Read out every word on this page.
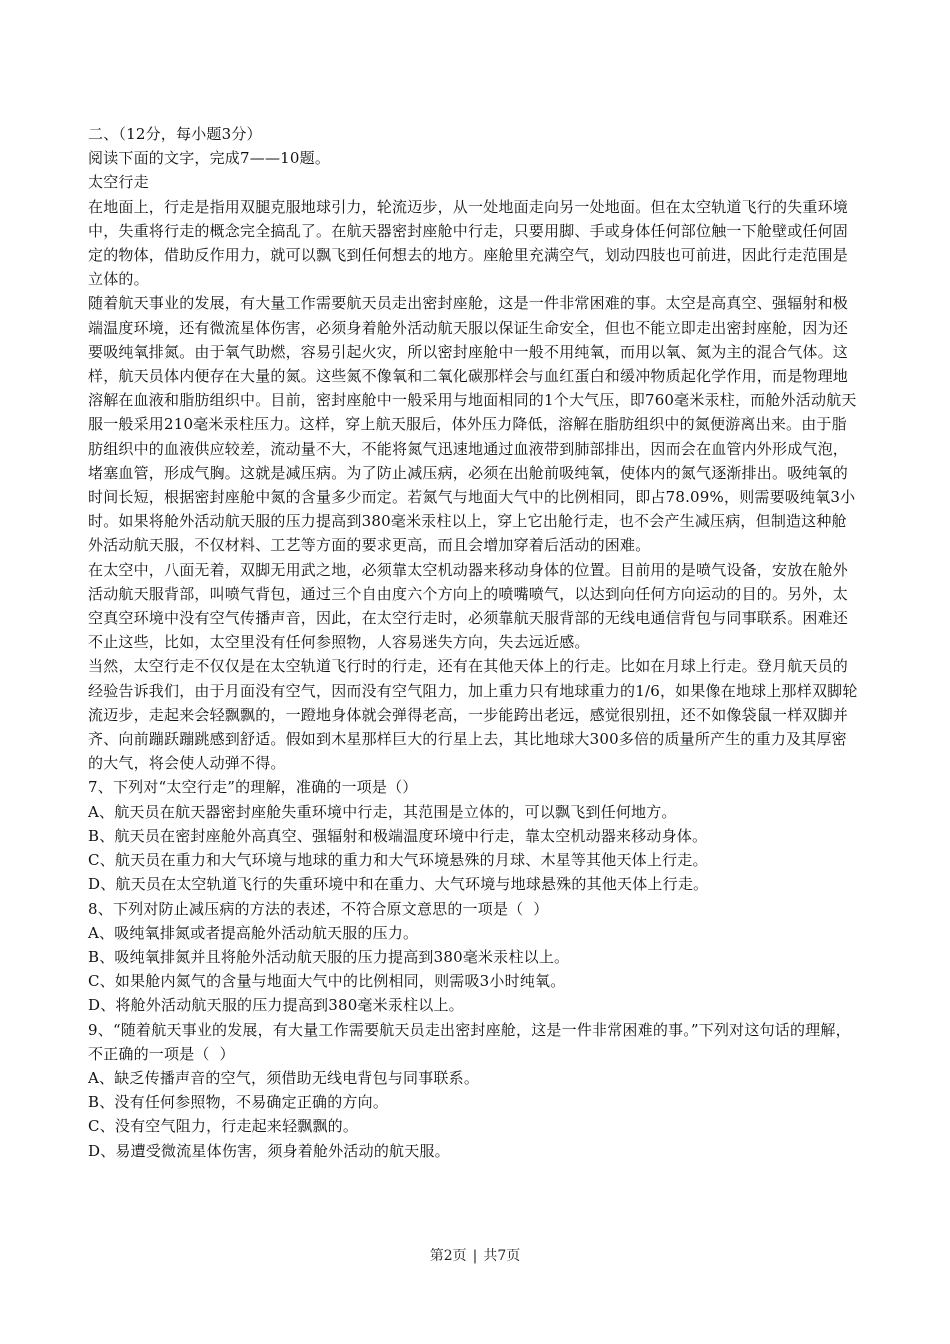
二、（12分，每小题3分）
阅读下面的文字，完成7——10题。
太空行走
在地面上，行走是指用双腿克服地球引力，轮流迈步，从一处地面走向另一处地面。但在太空轨道飞行的失重环境中，失重将行走的概念完全搞乱了。在航天器密封座舱中行走，只要用脚、手或身体任何部位触一下舱壁或任何固定的物体，借助反作用力，就可以飘飞到任何想去的地方。座舱里充满空气，划动四肢也可前进，因此行走范围是立体的。
随着航天事业的发展，有大量工作需要航天员走出密封座舱，这是一件非常困难的事。太空是高真空、强辐射和极端温度环境，还有微流星体伤害，必须身着舱外活动航天服以保证生命安全，但也不能立即走出密封座舱，因为还要吸纯氧排氮。由于氧气助燃，容易引起火灾，所以密封座舱中一般不用纯氧，而用以氧、氮为主的混合气体。这样，航天员体内便存在大量的氮。这些氮不像氧和二氧化碳那样会与血红蛋白和缓冲物质起化学作用，而是物理地溶解在血液和脂肪组织中。目前，密封座舱中一般采用与地面相同的1个大气压，即760毫米汞柱，而舱外活动航天服一般采用210毫米汞柱压力。这样，穿上航天服后，体外压力降低，溶解在脂肪组织中的氮便游离出来。由于脂肪组织中的血液供应较差，流动量不大，不能将氮气迅速地通过血液带到肺部排出，因而会在血管内外形成气泡，堵塞血管，形成气胸。这就是减压病。为了防止减压病，必须在出舱前吸纯氧，使体内的氮气逐渐排出。吸纯氧的时间长短，根据密封座舱中氮的含量多少而定。若氮气与地面大气中的比例相同，即占78.09%，则需要吸纯氧3小时。如果将舱外活动航天服的压力提高到380毫米汞柱以上，穿上它出舱行走，也不会产生减压病，但制造这种舱外活动航天服，不仅材料、工艺等方面的要求更高，而且会增加穿着后活动的困难。
在太空中，八面无着，双脚无用武之地，必须靠太空机动器来移动身体的位置。目前用的是喷气设备，安放在舱外活动航天服背部，叫喷气背包，通过三个自由度六个方向上的喷嘴喷气，以达到向任何方向运动的目的。另外，太空真空环境中没有空气传播声音，因此，在太空行走时，必须靠航天服背部的无线电通信背包与同事联系。困难还不止这些，比如，太空里没有任何参照物，人容易迷失方向，失去远近感。
当然，太空行走不仅仅是在太空轨道飞行时的行走，还有在其他天体上的行走。比如在月球上行走。登月航天员的经验告诉我们，由于月面没有空气，因而没有空气阻力，加上重力只有地球重力的1/6，如果像在地球上那样双脚轮流迈步，走起来会轻飘飘的，一蹬地身体就会弹得老高，一步能跨出老远，感觉很别扭，还不如像袋鼠一样双脚并齐、向前蹦跃蹦跳感到舒适。假如到木星那样巨大的行星上去，其比地球大300多倍的质量所产生的重力及其厚密的大气，将会使人动弹不得。
7、下列对“太空行走”的理解，准确的一项是（）
A、航天员在航天器密封座舱失重环境中行走，其范围是立体的，可以飘飞到任何地方。
B、航天员在密封座舱外高真空、强辐射和极端温度环境中行走，靠太空机动器来移动身体。
C、航天员在重力和大气环境与地球的重力和大气环境悬殊的月球、木星等其他天体上行走。
D、航天员在太空轨道飞行的失重环境中和在重力、大气环境与地球悬殊的其他天体上行走。
8、下列对防止减压病的方法的表述，不符合原文意思的一项是（  ）
A、吸纯氧排氮或者提高舱外活动航天服的压力。
B、吸纯氧排氮并且将舱外活动航天服的压力提高到380毫米汞柱以上。
C、如果舱内氮气的含量与地面大气中的比例相同，则需吸3小时纯氧。
D、将舱外活动航天服的压力提高到380毫米汞柱以上。
9、“随着航天事业的发展，有大量工作需要航天员走出密封座舱，这是一件非常困难的事。”下列对这句话的理解，不正确的一项是（  ）
A、缺乏传播声音的空气，须借助无线电背包与同事联系。
B、没有任何参照物，不易确定正确的方向。
C、没有空气阻力，行走起来轻飘飘的。
D、易遭受微流星体伤害，须身着舱外活动的航天服。
第2页 | 共7页
